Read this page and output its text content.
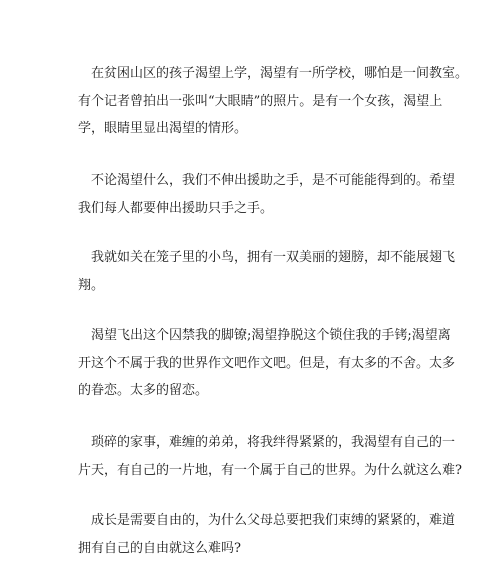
在贫困山区的孩子渴望上学，渴望有一所学校，哪怕是一间教室。
有个记者曾拍出一张叫“大眼睛”的照片。是有一个女孩，渴望上
学，眼睛里显出渴望的情形。

不论渴望什么，我们不伸出援助之手，是不可能能得到的。希望
我们每人都要伸出援助只手之手。

我就如关在笼子里的小鸟，拥有一双美丽的翅膀，却不能展翅飞
翔。

渴望飞出这个囚禁我的脚镣;渴望挣脱这个锁住我的手铐;渴望离
开这个不属于我的世界作文吧作文吧。但是，有太多的不舍。太多
的眷恋。太多的留恋。

琐碎的家事，难缠的弟弟，将我绊得紧紧的，我渴望有自己的一
片天，有自己的一片地，有一个属于自己的世界。为什么就这么难?

成长是需要自由的，为什么父母总要把我们束缚的紧紧的，难道
拥有自己的自由就这么难吗?
